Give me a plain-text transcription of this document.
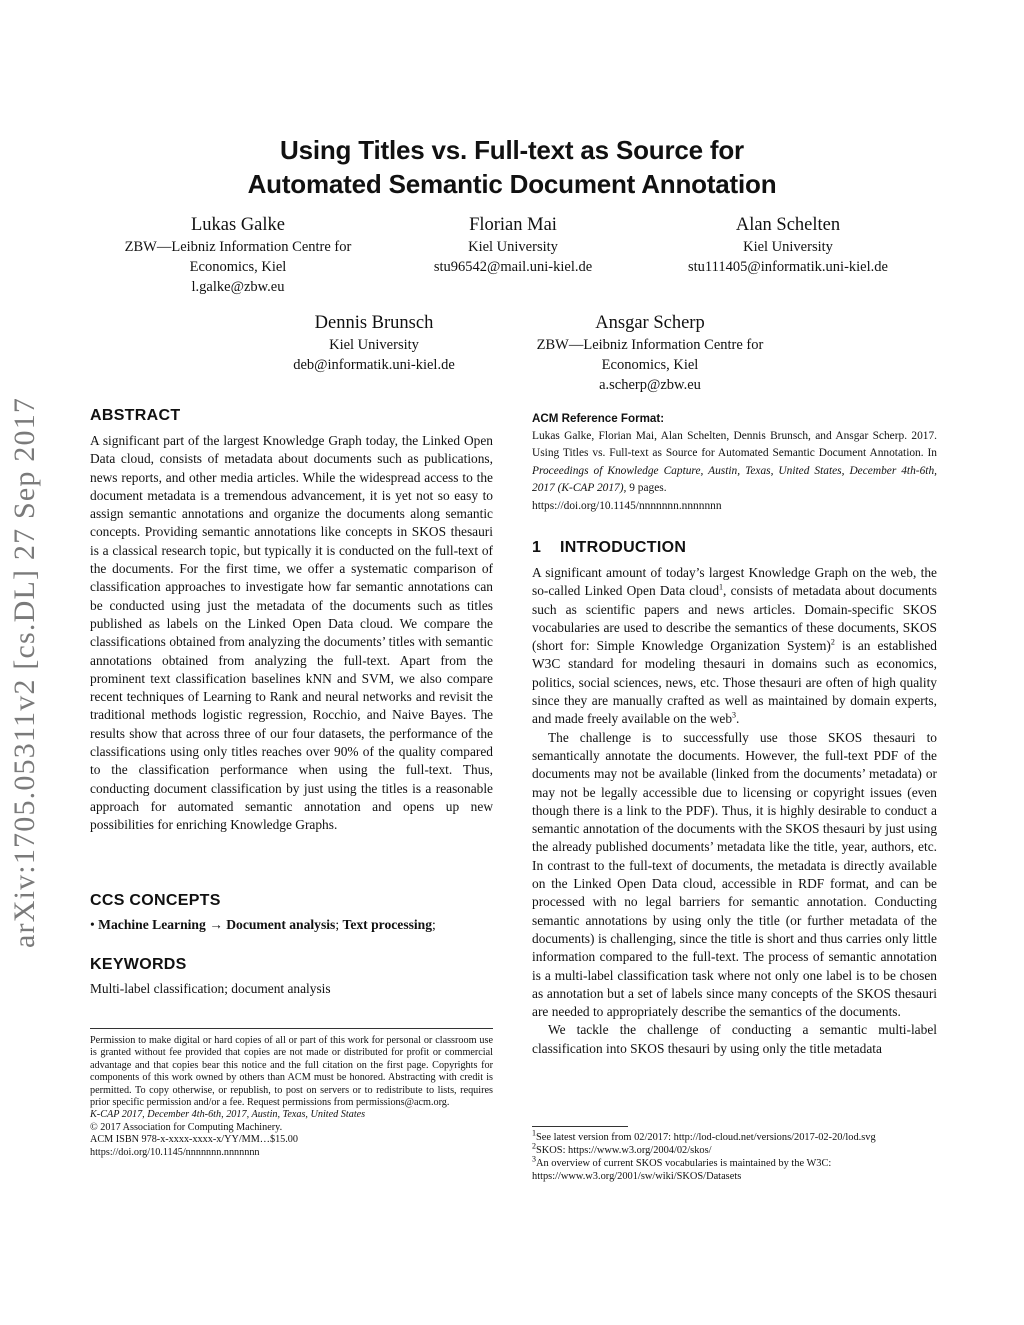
arXiv:1705.05311v2 [cs.DL] 27 Sep 2017
Using Titles vs. Full-text as Source for
Automated Semantic Document Annotation
Lukas Galke
ZBW—Leibniz Information Centre for
Economics, Kiel
l.galke@zbw.eu
Florian Mai
Kiel University
stu96542@mail.uni-kiel.de
Alan Schelten
Kiel University
stu111405@informatik.uni-kiel.de
Dennis Brunsch
Kiel University
deb@informatik.uni-kiel.de
Ansgar Scherp
ZBW—Leibniz Information Centre for
Economics, Kiel
a.scherp@zbw.eu
ABSTRACT

A significant part of the largest Knowledge Graph today, the Linked Open Data cloud, consists of metadata about documents such as publications, news reports, and other media articles. While the widespread access to the document metadata is a tremendous advancement, it is yet not so easy to assign semantic annotations and organize the documents along semantic concepts. Providing semantic annotations like concepts in SKOS thesauri is a classical research topic, but typically it is conducted on the full-text of the documents. For the first time, we offer a systematic comparison of classification approaches to investigate how far semantic annotations can be conducted using just the metadata of the documents such as titles published as labels on the Linked Open Data cloud. We compare the classifications obtained from analyzing the documents’ titles with semantic annotations obtained from analyzing the full-text. Apart from the prominent text classification baselines kNN and SVM, we also compare recent techniques of Learning to Rank and neural networks and revisit the traditional methods logistic regression, Rocchio, and Naive Bayes. The results show that across three of our four datasets, the performance of the classifications using only titles reaches over 90% of the quality compared to the classification performance when using the full-text. Thus, conducting document classification by just using the titles is a reasonable approach for automated semantic annotation and opens up new possibilities for enriching Knowledge Graphs.

CCS CONCEPTS
• Machine Learning → Document analysis; Text processing;
KEYWORDS
Multi-label classification; document analysis

Permission to make digital or hard copies of all or part of this work for personal or classroom use is granted without fee provided that copies are not made or distributed for profit or commercial advantage and that copies bear this notice and the full citation on the first page. Copyrights for components of this work owned by others than ACM must be honored. Abstracting with credit is permitted. To copy otherwise, or republish, to post on servers or to redistribute to lists, requires prior specific permission and/or a fee. Request permissions from permissions@acm.org.

K-CAP 2017, December 4th-6th, 2017, Austin, Texas, United States

© 2017 Association for Computing Machinery.

ACM ISBN 978-x-xxxx-xxxx-x/YY/MM…$15.00

https://doi.org/10.1145/nnnnnnn.nnnnnnn

ACM Reference Format:

Lukas Galke, Florian Mai, Alan Schelten, Dennis Brunsch, and Ansgar Scherp. 2017. Using Titles vs. Full-text as Source for Automated Semantic Document Annotation. In Proceedings of Knowledge Capture, Austin, Texas, United States, December 4th-6th, 2017 (K-CAP 2017), 9 pages.

https://doi.org/10.1145/nnnnnnn.nnnnnnn

1 INTRODUCTION

A significant amount of today’s largest Knowledge Graph on the web, the so-called Linked Open Data cloud$^1$, consists of metadata about documents such as scientific papers and news articles. Domain-specific SKOS vocabularies are used to describe the semantics of these documents, SKOS (short for: Simple Knowledge Organization System)$^2$ is an established W3C standard for modeling thesauri in domains such as economics, politics, social sciences, news, etc. Those thesauri are often of high quality since they are manually crafted as well as maintained by domain experts, and made freely available on the web$^3$.

The challenge is to successfully use those SKOS thesauri to semantically annotate the documents. However, the full-text PDF of the documents may not be available (linked from the documents’ metadata) or may not be legally accessible due to licensing or copyright issues (even though there is a link to the PDF). Thus, it is highly desirable to conduct a semantic annotation of the documents with the SKOS thesauri by just using the already published documents’ metadata like the title, year, authors, etc. In contrast to the full-text of documents, the metadata is directly available on the Linked Open Data cloud, accessible in RDF format, and can be processed with no legal barriers for semantic annotation. Conducting semantic annotations by using only the title (or further metadata of the documents) is challenging, since the title is short and thus carries only little information compared to the full-text. The process of semantic annotation is a multi-label classification task where not only one label is to be chosen as annotation but a set of labels since many concepts of the SKOS thesauri are needed to appropriately describe the semantics of the documents.

We tackle the challenge of conducting a semantic multi-label classification into SKOS thesauri by using only the title metadata

$^1$See latest version from 02/2017: http://lod-cloud.net/versions/2017-02-20/lod.svg

$^2$SKOS: https://www.w3.org/2004/02/skos/

$^3$An overview of current SKOS vocabularies is maintained by the W3C: https://www.w3.org/2001/sw/wiki/SKOS/Datasets
